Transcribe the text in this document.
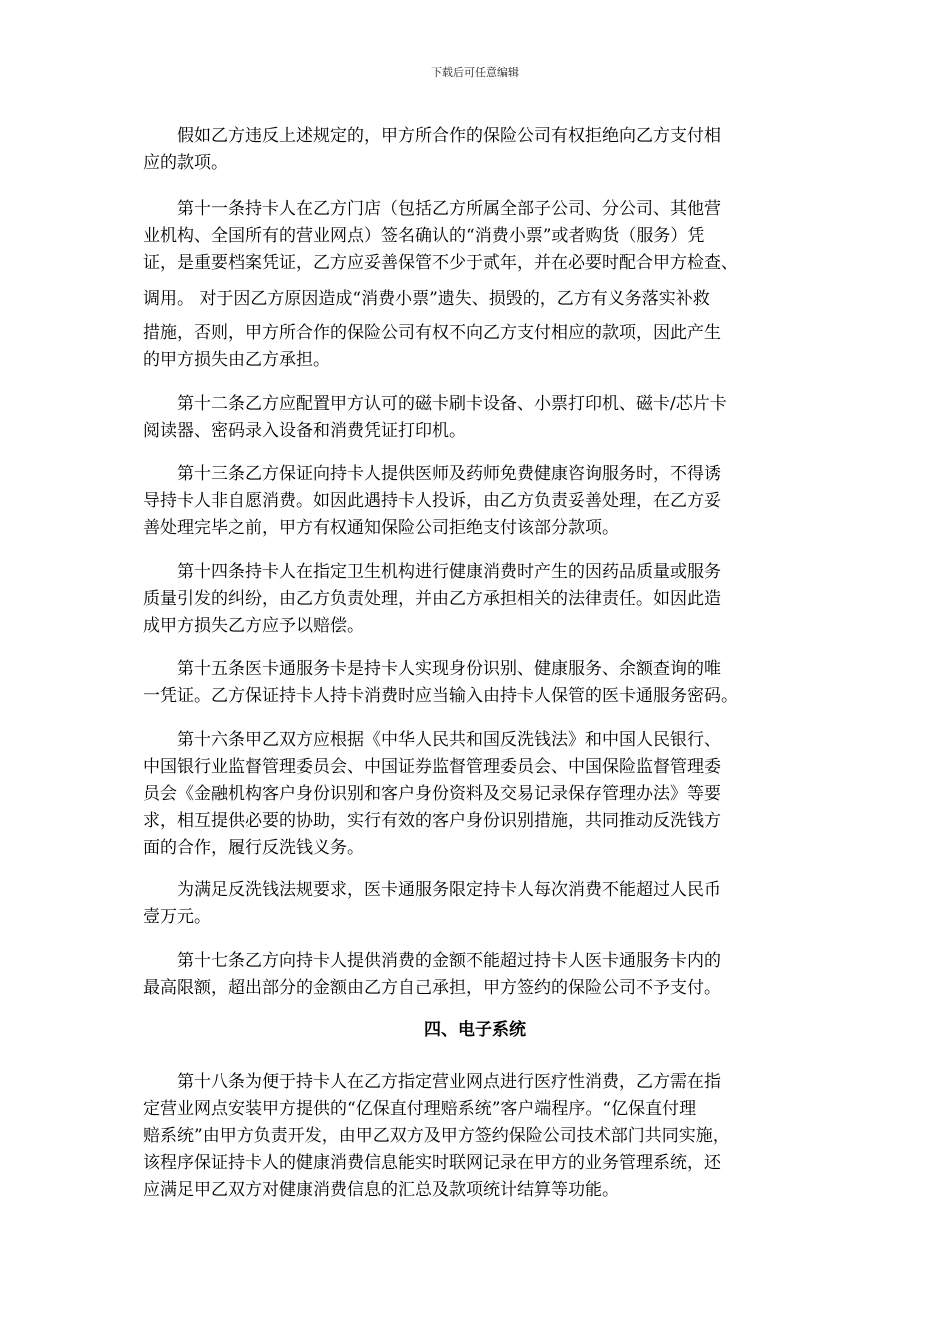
下载后可任意编辑

　　假如乙方违反上述规定的，甲方所合作的保险公司有权拒绝向乙方支付相
应的款项。

　　第十一条持卡人在乙方门店（包括乙方所属全部子公司、分公司、其他营
业机构、全国所有的营业网点）签名确认的“消费小票”或者购货（服务）凭
证，是重要档案凭证，乙方应妥善保管不少于贰年，并在必要时配合甲方检查、
调用。 对于因乙方原因造成“消费小票”遗失、损毁的，乙方有义务落实补救
措施，否则，甲方所合作的保险公司有权不向乙方支付相应的款项，因此产生
的甲方损失由乙方承担。

　　第十二条乙方应配置甲方认可的磁卡刷卡设备、小票打印机、磁卡/芯片卡
阅读器、密码录入设备和消费凭证打印机。

　　第十三条乙方保证向持卡人提供医师及药师免费健康咨询服务时，不得诱
导持卡人非自愿消费。如因此遇持卡人投诉，由乙方负责妥善处理，在乙方妥
善处理完毕之前，甲方有权通知保险公司拒绝支付该部分款项。

　　第十四条持卡人在指定卫生机构进行健康消费时产生的因药品质量或服务
质量引发的纠纷，由乙方负责处理，并由乙方承担相关的法律责任。如因此造
成甲方损失乙方应予以赔偿。

　　第十五条医卡通服务卡是持卡人实现身份识别、健康服务、余额查询的唯
一凭证。乙方保证持卡人持卡消费时应当输入由持卡人保管的医卡通服务密码。

　　第十六条甲乙双方应根据《中华人民共和国反洗钱法》和中国人民银行、
中国银行业监督管理委员会、中国证券监督管理委员会、中国保险监督管理委
员会《金融机构客户身份识别和客户身份资料及交易记录保存管理办法》等要
求，相互提供必要的协助，实行有效的客户身份识别措施，共同推动反洗钱方
面的合作，履行反洗钱义务。

　　为满足反洗钱法规要求，医卡通服务限定持卡人每次消费不能超过人民币
壹万元。

　　第十七条乙方向持卡人提供消费的金额不能超过持卡人医卡通服务卡内的
最高限额，超出部分的金额由乙方自己承担，甲方签约的保险公司不予支付。

四、电子系统

　　第十八条为便于持卡人在乙方指定营业网点进行医疗性消费，乙方需在指
定营业网点安装甲方提供的“亿保直付理赔系统”客户端程序。“亿保直付理
赔系统”由甲方负责开发，由甲乙双方及甲方签约保险公司技术部门共同实施，
该程序保证持卡人的健康消费信息能实时联网记录在甲方的业务管理系统，还
应满足甲乙双方对健康消费信息的汇总及款项统计结算等功能。
